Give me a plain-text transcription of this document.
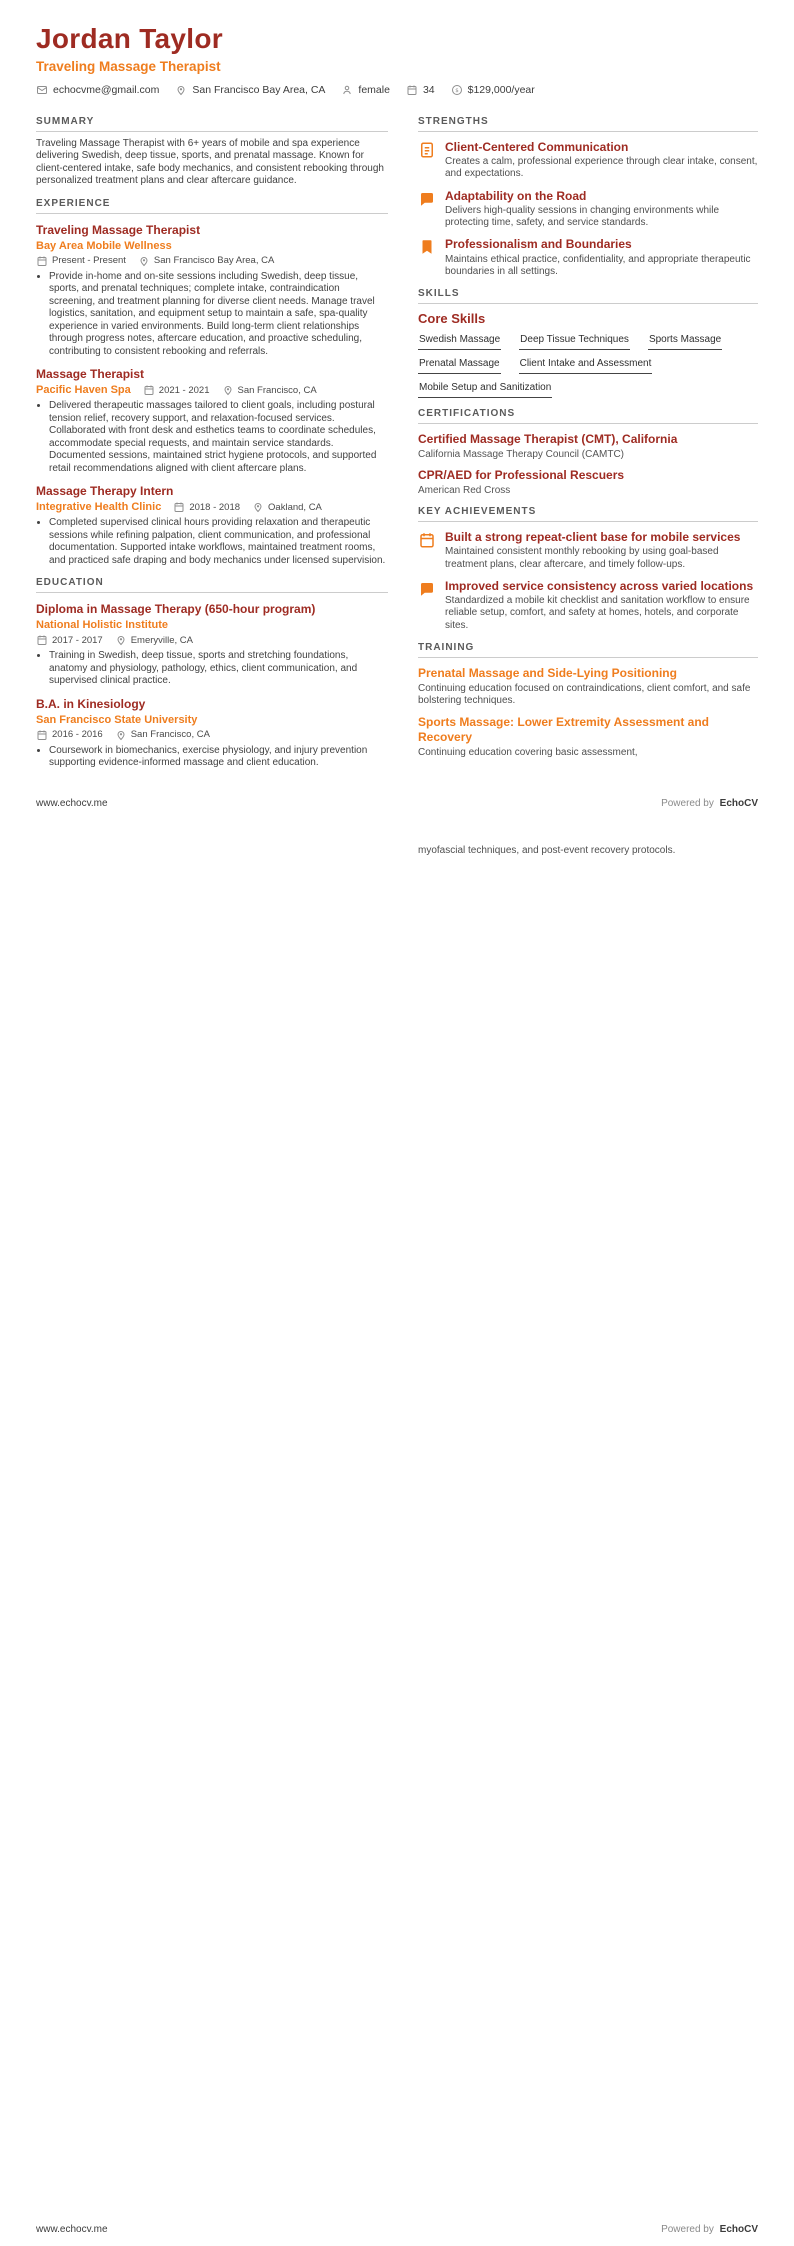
Jordan Taylor
Traveling Massage Therapist
echocvme@gmail.com	San Francisco Bay Area, CA	female	34	$129,000/year
SUMMARY
Traveling Massage Therapist with 6+ years of mobile and spa experience delivering Swedish, deep tissue, sports, and prenatal massage. Known for client-centered intake, safe body mechanics, and consistent rebooking through personalized treatment plans and clear aftercare guidance.
EXPERIENCE
Traveling Massage Therapist
Bay Area Mobile Wellness
Present - Present	San Francisco Bay Area, CA
• Provide in-home and on-site sessions including Swedish, deep tissue, sports, and prenatal techniques; complete intake, contraindication screening, and treatment planning for diverse client needs. Manage travel logistics, sanitation, and equipment setup to maintain a safe, spa-quality experience in varied environments. Build long-term client relationships through progress notes, aftercare education, and proactive scheduling, contributing to consistent rebooking and referrals.
Massage Therapist
Pacific Haven Spa	2021 - 2021	San Francisco, CA
• Delivered therapeutic massages tailored to client goals, including postural tension relief, recovery support, and relaxation-focused services. Collaborated with front desk and esthetics teams to coordinate schedules, accommodate special requests, and maintain service standards. Documented sessions, maintained strict hygiene protocols, and supported retail recommendations aligned with client aftercare plans.
Massage Therapy Intern
Integrative Health Clinic	2018 - 2018	Oakland, CA
• Completed supervised clinical hours providing relaxation and therapeutic sessions while refining palpation, client communication, and professional documentation. Supported intake workflows, maintained treatment rooms, and practiced safe draping and body mechanics under licensed supervision.
EDUCATION
Diploma in Massage Therapy (650-hour program)
National Holistic Institute
2017 - 2017	Emeryville, CA
• Training in Swedish, deep tissue, sports and stretching foundations, anatomy and physiology, pathology, ethics, client communication, and supervised clinical practice.
B.A. in Kinesiology
San Francisco State University
2016 - 2016	San Francisco, CA
• Coursework in biomechanics, exercise physiology, and injury prevention supporting evidence-informed massage and client education.
STRENGTHS
Client-Centered Communication
Creates a calm, professional experience through clear intake, consent, and expectations.
Adaptability on the Road
Delivers high-quality sessions in changing environments while protecting time, safety, and service standards.
Professionalism and Boundaries
Maintains ethical practice, confidentiality, and appropriate therapeutic boundaries in all settings.
SKILLS
Core Skills
Swedish Massage Deep Tissue Techniques Sports Massage
Prenatal Massage Client Intake and Assessment
Mobile Setup and Sanitization
CERTIFICATIONS
Certified Massage Therapist (CMT), California
California Massage Therapy Council (CAMTC)
CPR/AED for Professional Rescuers
American Red Cross
KEY ACHIEVEMENTS
Built a strong repeat-client base for mobile services
Maintained consistent monthly rebooking by using goal-based treatment plans, clear aftercare, and timely follow-ups.
Improved service consistency across varied locations
Standardized a mobile kit checklist and sanitation workflow to ensure reliable setup, comfort, and safety at homes, hotels, and corporate sites.
TRAINING
Prenatal Massage and Side-Lying Positioning
Continuing education focused on contraindications, client comfort, and safe bolstering techniques.
Sports Massage: Lower Extremity Assessment and Recovery
Continuing education covering basic assessment,
www.echocv.me	Powered by EchoCV
myofascial techniques, and post-event recovery protocols.
www.echocv.me	Powered by EchoCV
